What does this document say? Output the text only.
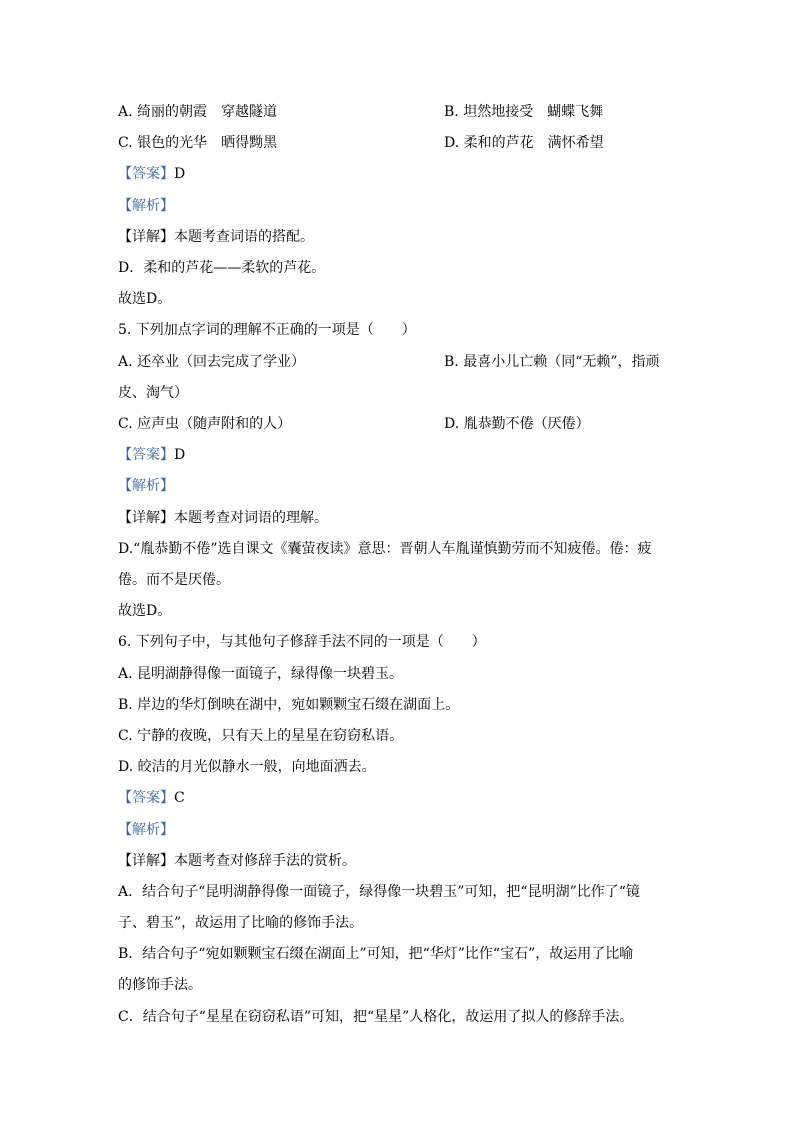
A. 绮丽的朝霞　穿越隧道	B. 坦然地接受　蝴蝶飞舞
C. 银色的光华　晒得黝黑	D. 柔和的芦花　满怀希望
【答案】D
【解析】
【详解】本题考查词语的搭配。
D．柔和的芦花——柔软的芦花。
故选D。
5. 下列加点字词的理解不正确的一项是（　　）
A. 还卒业（回去完成了学业）	B. 最喜小儿亡赖（同“无赖”，指顽
皮、淘气）
C. 应声虫（随声附和的人）	D. 胤恭勤不倦（厌倦）
【答案】D
【解析】
【详解】本题考查对词语的理解。
D.“胤恭勤不倦”选自课文《囊萤夜读》意思：晋朝人车胤谨慎勤劳而不知疲倦。倦：疲
倦。而不是厌倦。
故选D。
6. 下列句子中，与其他句子修辞手法不同的一项是（　　）
A. 昆明湖静得像一面镜子，绿得像一块碧玉。
B. 岸边的华灯倒映在湖中，宛如颗颗宝石缀在湖面上。
C. 宁静的夜晚，只有天上的星星在窃窃私语。
D. 皎洁的月光似静水一般，向地面洒去。
【答案】C
【解析】
【详解】本题考查对修辞手法的赏析。
A．结合句子“昆明湖静得像一面镜子，绿得像一块碧玉”可知，把“昆明湖”比作了“镜
子、碧玉”，故运用了比喻的修饰手法。
B．结合句子“宛如颗颗宝石缀在湖面上”可知，把“华灯”比作“宝石”，故运用了比喻
的修饰手法。
C．结合句子“星星在窃窃私语”可知，把“星星”人格化，故运用了拟人的修辞手法。
